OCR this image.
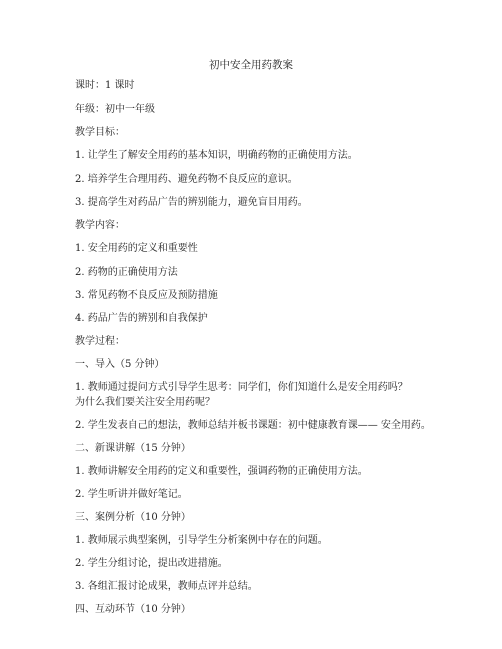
初中安全用药教案
课时：1 课时
年级：初中一年级
教学目标：
1. 让学生了解安全用药的基本知识，明确药物的正确使用方法。
2. 培养学生合理用药、避免药物不良反应的意识。
3. 提高学生对药品广告的辨别能力，避免盲目用药。
教学内容：
1. 安全用药的定义和重要性
2. 药物的正确使用方法
3. 常见药物不良反应及预防措施
4. 药品广告的辨别和自我保护
教学过程：
一、导入（5 分钟）
1. 教师通过提问方式引导学生思考：同学们，你们知道什么是安全用药吗？为什么我们要关注安全用药呢？
2. 学生发表自己的想法，教师总结并板书课题：初中健康教育课—— 安全用药。
二、新课讲解（15 分钟）
1. 教师讲解安全用药的定义和重要性，强调药物的正确使用方法。
2. 学生听讲并做好笔记。
三、案例分析（10 分钟）
1. 教师展示典型案例，引导学生分析案例中存在的问题。
2. 学生分组讨论，提出改进措施。
3. 各组汇报讨论成果，教师点评并总结。
四、互动环节（10 分钟）
